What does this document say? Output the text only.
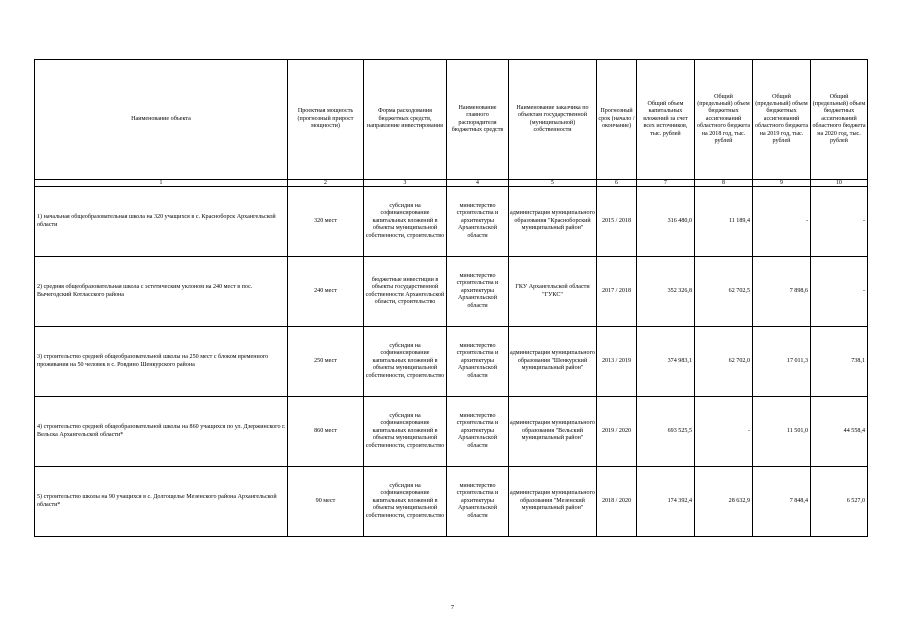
Наименование объекта	Проектная мощность (прогнозный прирост мощности)	Форма расходования бюджетных средств, направление инвестирования	Наименование главного распорядителя бюджетных средств	Наименование заказчика по объектам государственной (муниципальной) собственности	Прогнозный срок (начало / окончание)	Общий объем капитальных вложений за счет всех источников, тыс. рублей	Общий (предельный) объем бюджетных ассигнований областного бюджета на 2018 год, тыс. рублей	Общий (предельный) объем бюджетных ассигнований областного бюджета на 2019 год, тыс. рублей	Общий (предельный) объем бюджетных ассигнований областного бюджета на 2020 год, тыс. рублей
1	2	3	4	5	6	7	8	9	10
1) начальная общеобразовательная школа на 320 учащихся в с. Красноборск Архангельской области	320 мест	субсидия на софинансирование капитальных вложений в объекты муниципальной собственности, строительство	министерство строительства и архитектуры Архангельской области	администрация муниципального образования "Красноборский муниципальный район"	2015 / 2018	316 480,0	11 189,4	-	-
2) средняя общеобразовательная школа с эстетическим уклоном на 240 мест в пос. Вычегодский Котласского района	240 мест	бюджетные инвестиции в объекты государственной собственности Архангельской области, строительство	министерство строительства и архитектуры Архангельской области	ГКУ Архангельской области "ГУКС"	2017 / 2018	352 326,8	62 702,5	7 898,6	-
3) строительство средней общеобразовательной школы на 250 мест с блоком временного проживания на 50 человек в с. Ровдино Шенкурского района	250 мест	субсидия на софинансирование капитальных вложений в объекты муниципальной собственности, строительство	министерство строительства и архитектуры Архангельской области	администрация муниципального образования "Шенкурский муниципальный район"	2013 / 2019	374 983,1	62 702,0	17 011,3	738,1
4) строительство средней общеобразовательной школы на 860 учащихся по ул. Дзержинского г. Вельска Архангельской области*	860 мест	субсидия на софинансирование капитальных вложений в объекты муниципальной собственности, строительство	министерство строительства и архитектуры Архангельской области	администрация муниципального образования "Вельский муниципальный район"	2019 / 2020	693 525,5	-	11 501,0	44 558,4
5) строительство школы на 90 учащихся в с. Долгощелье Мезенского района Архангельской области*	90 мест	субсидия на софинансирование капитальных вложений в объекты муниципальной собственности, строительство	министерство строительства и архитектуры Архангельской области	администрация муниципального образования "Мезенский муниципальный район"	2018 / 2020	174 392,4	28 632,9	7 848,4	6 527,0
7
